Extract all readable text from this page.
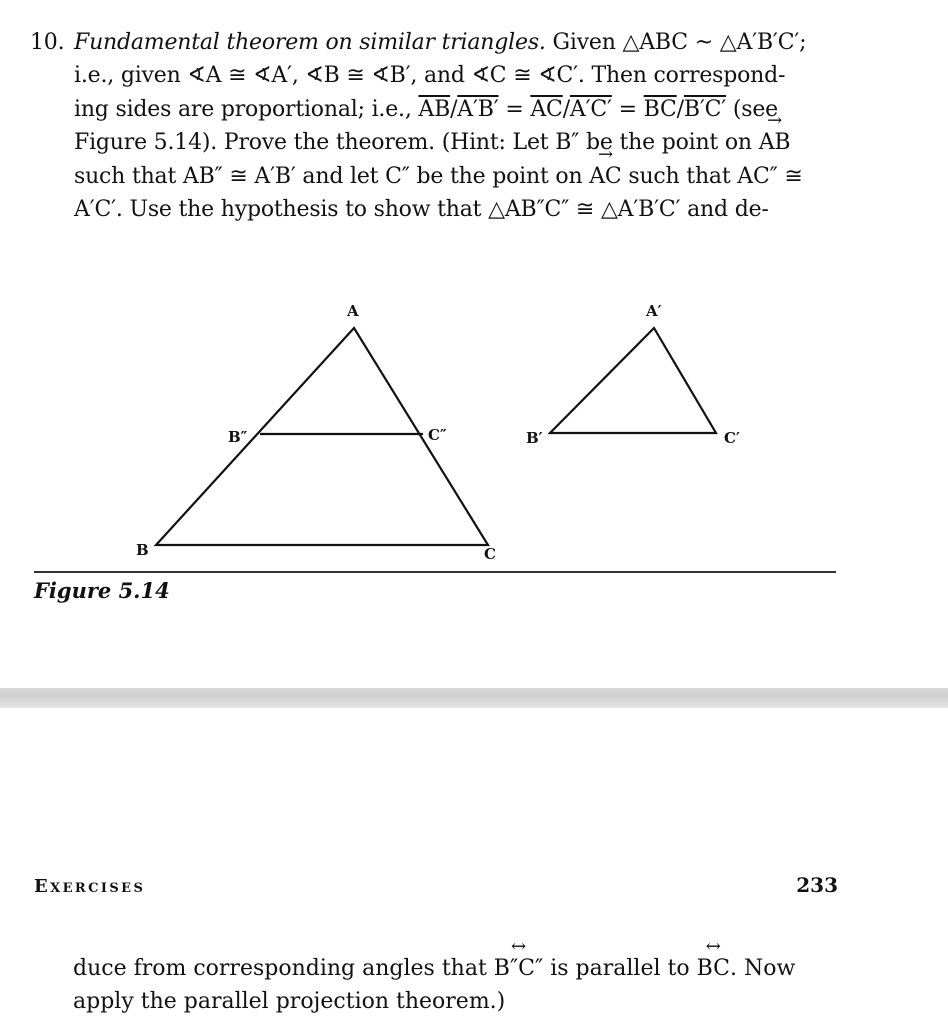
10. Fundamental theorem on similar triangles. Given △ABC ~ △A′B′C′;
i.e., given ∢A ≅ ∢A′, ∢B ≅ ∢B′, and ∢C ≅ ∢C′. Then correspond-
ing sides are proportional; i.e., $\overline{AB}/A'B' = \overline{AC}/A'C' = \overline{BC}/B'C'$ (see
Figure 5.14). Prove the theorem. (Hint: Let B″ be the point on → AB
such that AB″ ≅ A′B′ and let C″ be the point on → AC such that AC″ ≅
A′C′. Use the hypothesis to show that △AB″C″ ≅ △A′B′C′ and de-
A
B	C
B″	C″
A′
B′	C′
Figure 5.14
Exercises	233
duce from corresponding angles that ↔ B″C″ is parallel to ↔ BC. Now
apply the parallel projection theorem.)
